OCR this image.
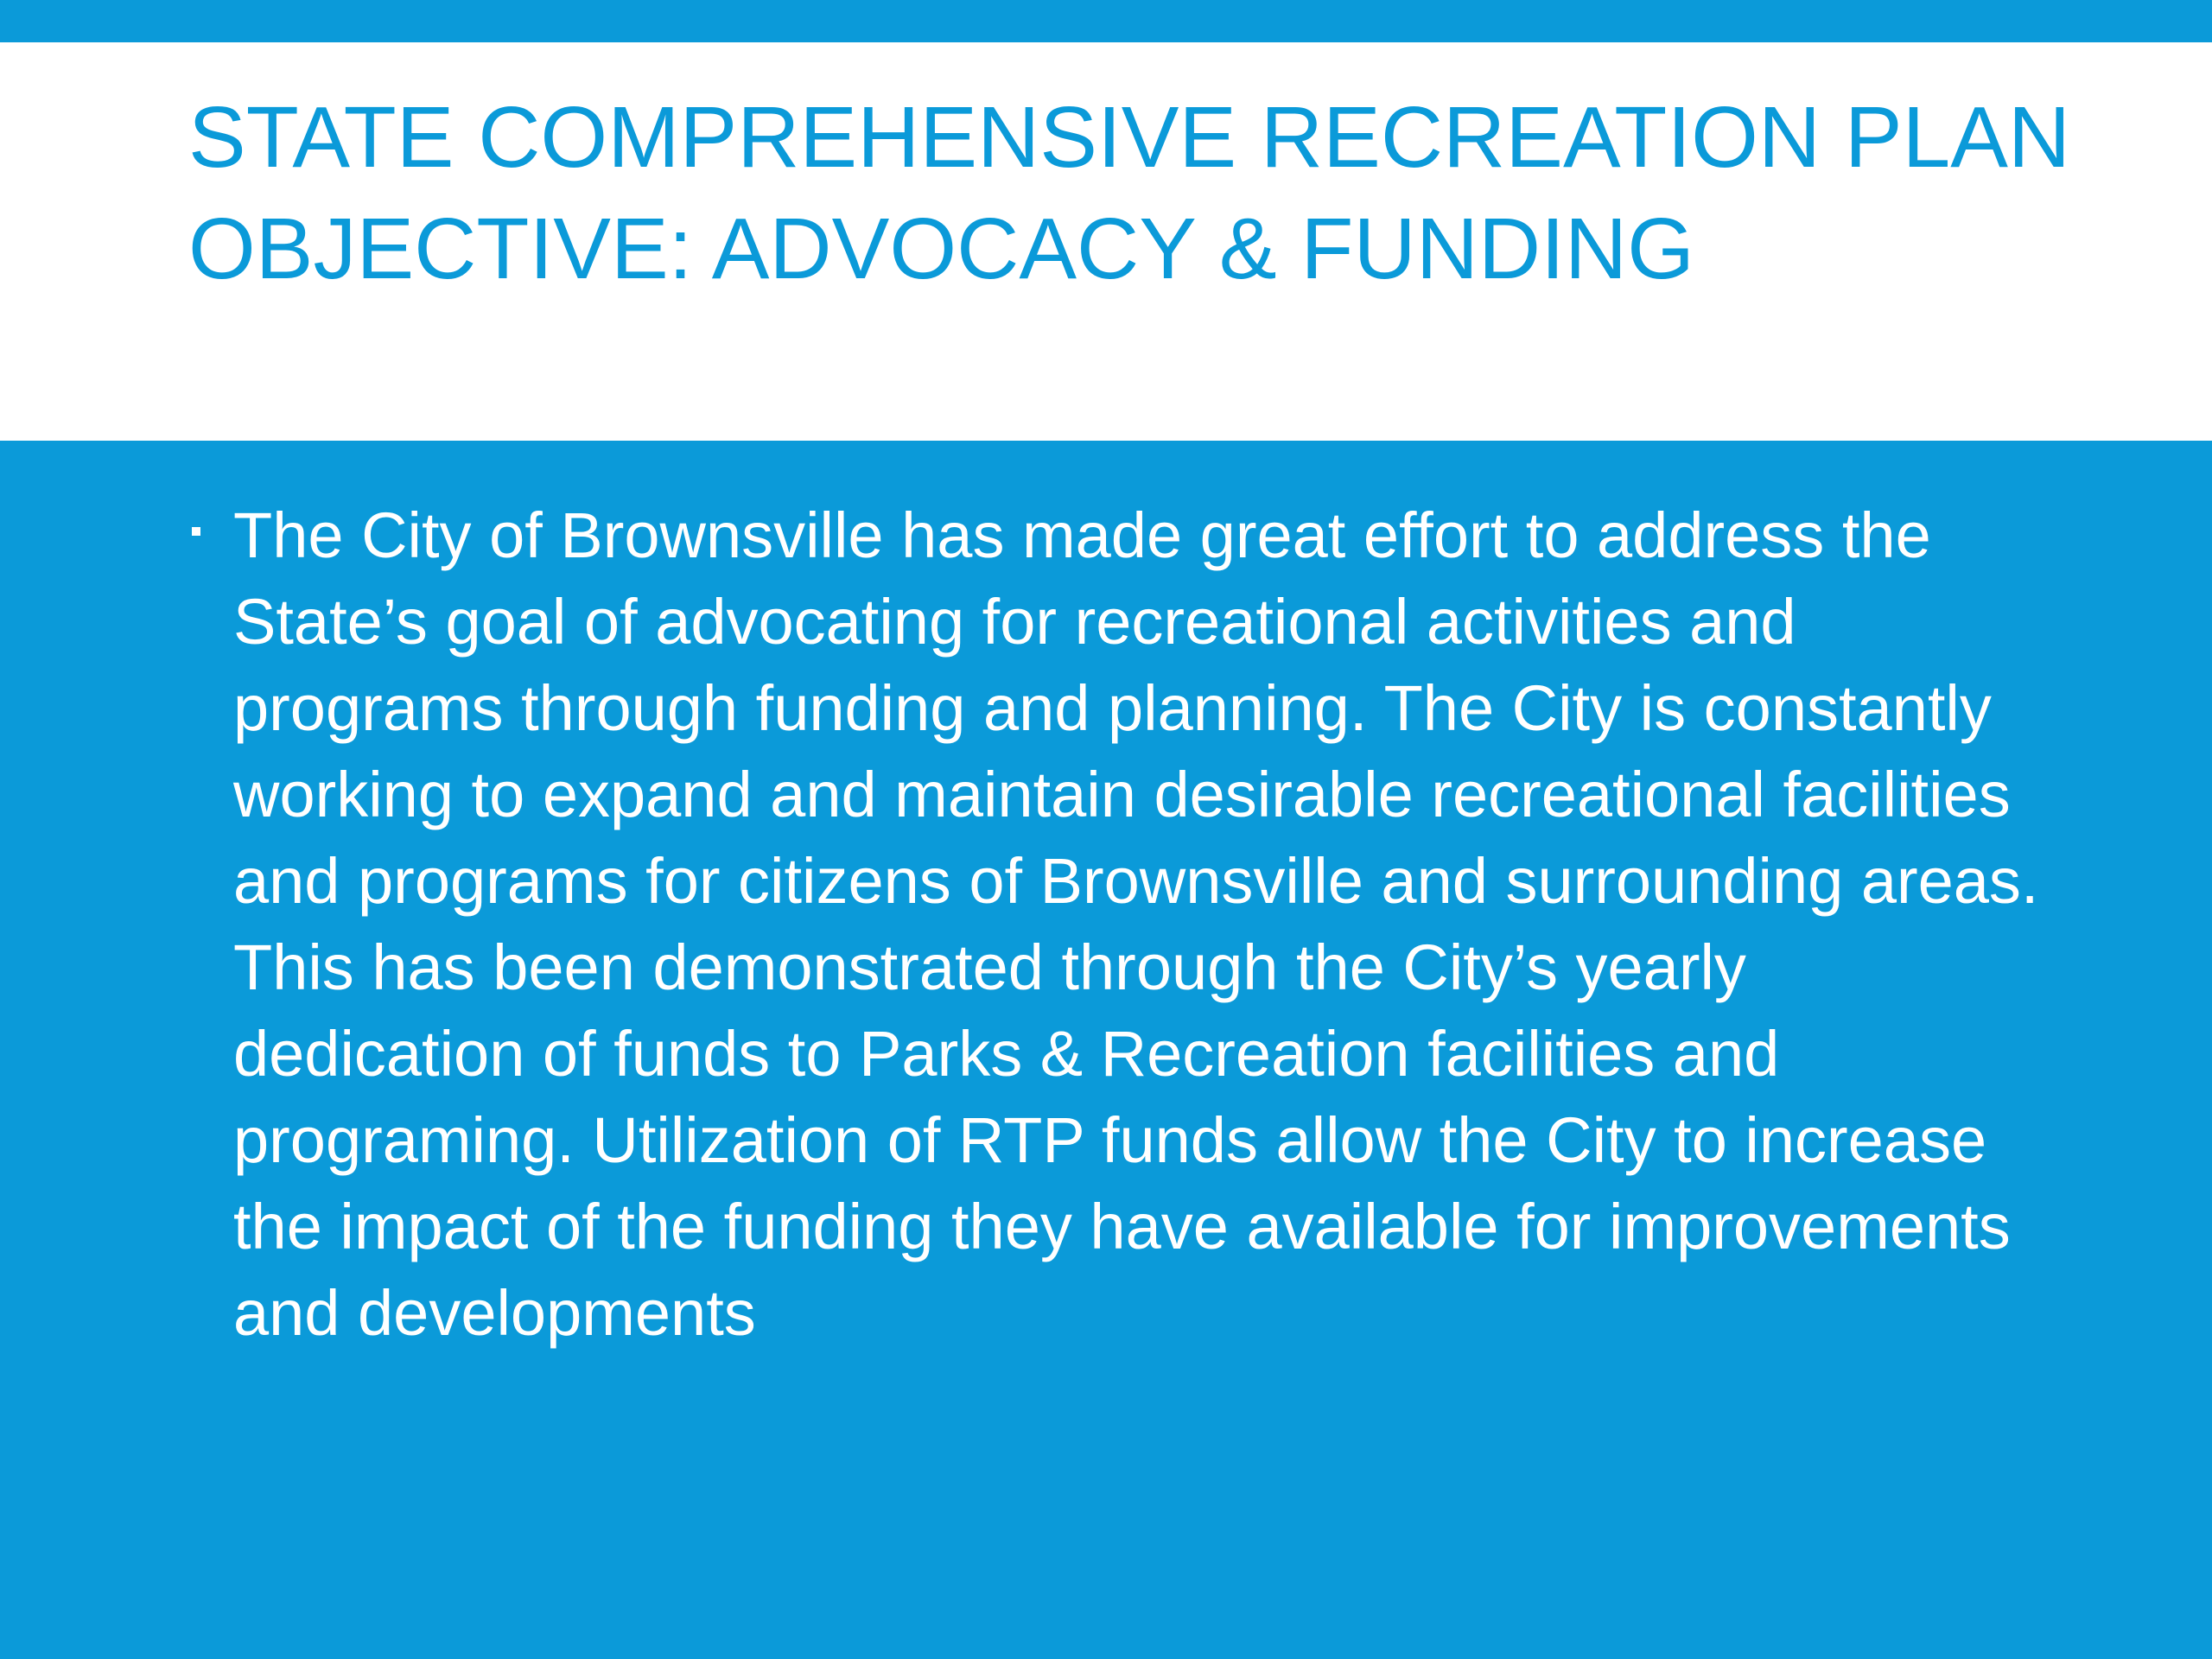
STATE COMPREHENSIVE RECREATION PLAN OBJECTIVE: ADVOCACY & FUNDING
The City of Brownsville has made great effort to address the State’s goal of advocating for recreational activities and programs through funding and planning. The City is constantly working to expand and maintain desirable recreational facilities and programs for citizens of Brownsville and surrounding areas. This has been demonstrated through the City’s yearly dedication of funds to Parks & Recreation facilities and programing. Utilization of RTP funds allow the City to increase the impact of the funding they have available for improvements and developments
